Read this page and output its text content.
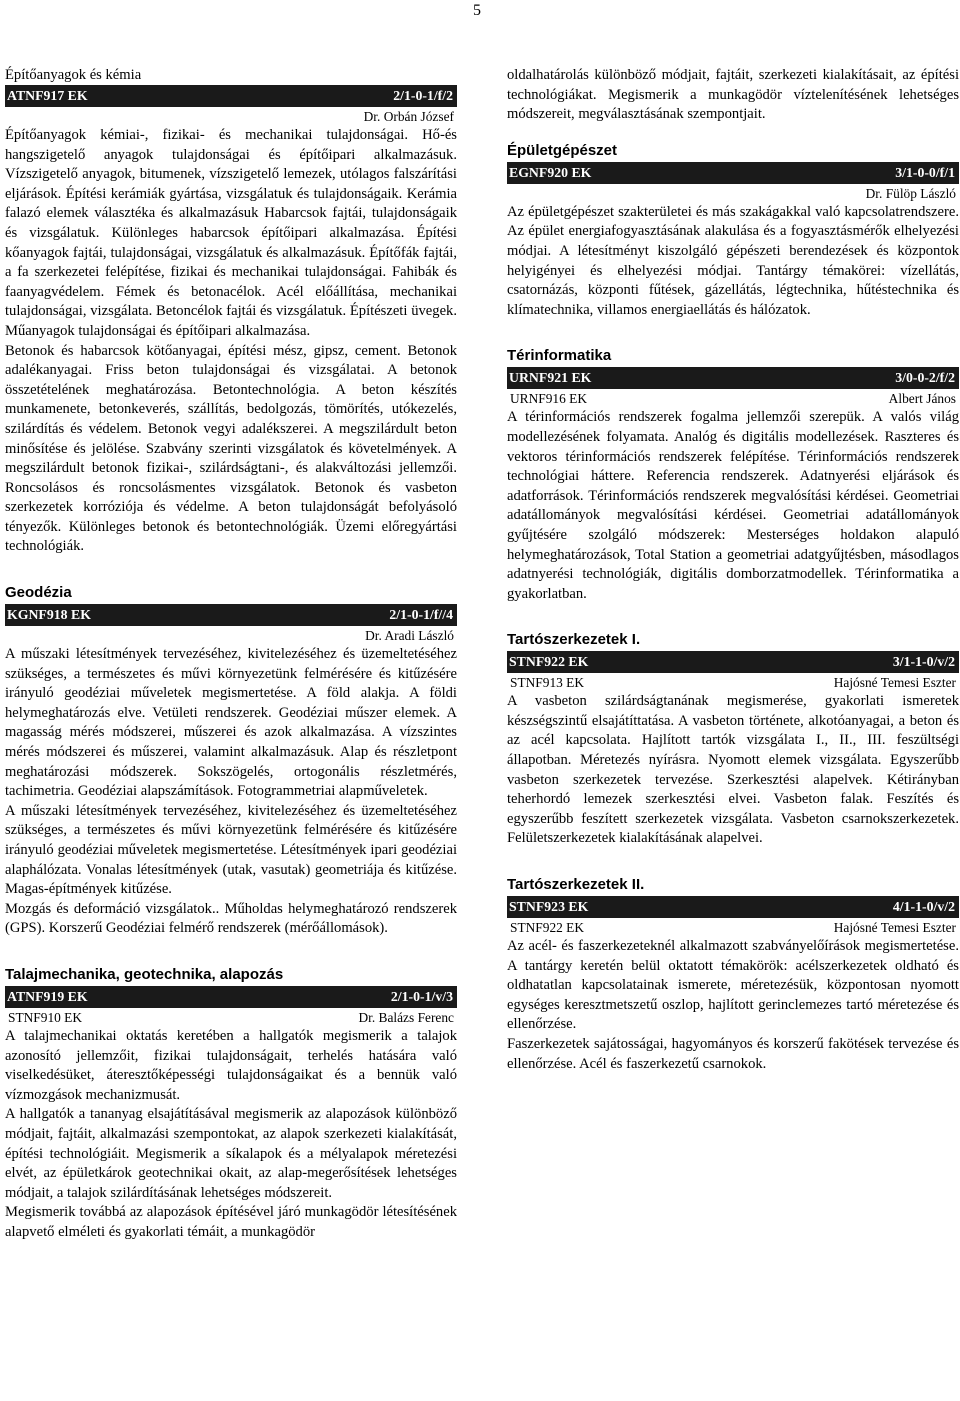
5

Építőanyagok és kémia

ATNF917 EK	2/1-0-1/f/2
Dr. Orbán József

Építőanyagok kémiai-, fizikai- és mechanikai tulajdonságai. Hő-és hangszigetelő anyagok tulajdonságai és építőipari alkalmazásuk. Vízszigetelő anyagok, bitumenek, vízszigetelő lemezek, utólagos falszárítási eljárások. Építési kerámiák gyártása, vizsgálatuk és tulajdonságaik. Kerámia falazó elemek választéka és alkalmazásuk Habarcsok fajtái, tulajdonságaik és vizsgálatuk. Különleges habarcsok építőipari alkalmazása. Építési kőanyagok fajtái, tulajdonságai, vizsgálatuk és alkalmazásuk. Építőfák fajtái, a fa szerkezetei felépítése, fizikai és mechanikai tulajdonságai. Fahibák és faanyagvédelem. Fémek és betonacélok. Acél előállítása, mechanikai tulajdonságai, vizsgálata. Betoncélok fajtái és vizsgálatuk. Építészeti üvegek. Műanyagok tulajdonságai és építőipari alkalmazása.

Betonok és habarcsok kötőanyagai, építési mész, gipsz, cement. Betonok adalékanyagai. Friss beton tulajdonságai és vizsgálatai. A betonok összetételének meghatározása. Betontechnológia. A beton készítés munkamenete, betonkeverés, szállítás, bedolgozás, tömörítés, utókezelés, szilárdítás és védelem. Betonok vegyi adalékszerei. A megszilárdult beton minősítése és jelölése. Szabvány szerinti vizsgálatok és követelmények. A megszilárdult betonok fizikai-, szilárdságtani-, és alakváltozási jellemzői. Roncsolásos és roncsolásmentes vizsgálatok. Betonok és vasbeton szerkezetek korróziója és védelme. A beton tulajdonságát befolyásoló tényezők. Különleges betonok és betontechnológiák. Üzemi előregyártási technológiák.

Geodézia

KGNF918 EK	2/1-0-1/f//4
Dr. Aradi László

A műszaki létesítmények tervezéséhez, kivitelezéséhez és üzemeltetéséhez szükséges, a természetes és művi környezetünk felmérésére és kitűzésére irányuló geodéziai műveletek megismertetése. A föld alakja. A földi helymeghatározás elve. Vetületi rendszerek. Geodéziai műszer elemek. A magasság mérés módszerei, műszerei és azok alkalmazása. A vízszintes mérés módszerei és műszerei, valamint alkalmazásuk. Alap és részletpont meghatározási módszerek. Sokszögelés, ortogonális részletmérés, tachimetria. Geodéziai alapszámítások. Fotogrammetriai alapműveletek.

A műszaki létesítmények tervezéséhez, kivitelezéséhez és üzemeltetéséhez szükséges, a természetes és művi környezetünk felmérésére és kitűzésére irányuló geodéziai műveletek megismertetése. Létesítmények ipari geodéziai alaphálózata. Vonalas létesítmények (utak, vasutak) geometriája és kitűzése. Magas-építmények kitűzése.

Mozgás és deformáció vizsgálatok.. Műholdas helymeghatározó rendszerek (GPS). Korszerű Geodéziai felmérő rendszerek (mérőállomások).

Talajmechanika, geotechnika, alapozás

ATNF919 EK	2/1-0-1/v/3
STNF910 EK	Dr. Balázs Ferenc

A talajmechanikai oktatás keretében a hallgatók megismerik a talajok azonosító jellemzőit, fizikai tulajdonságait, terhelés hatására való viselkedésüket, áteresztőképességi tulajdonságaikat és a bennük való vízmozgások mechanizmusát.

A hallgatók a tananyag elsajátításával megismerik az alapozások különböző módjait, fajtáit, alkalmazási szempontokat, az alapok szerkezeti kialakítását, építési technológiáit. Megismerik a síkalapok és a mélyalapok méretezési elvét, az épületkárok geotechnikai okait, az alap-megerősítések lehetséges módjait, a talajok szilárdításának lehetséges módszereit.

Megismerik továbbá az alapozások építésével járó munkagödör létesítésének alapvető elméleti és gyakorlati témáit, a munkagödör

oldalhatárolás különböző módjait, fajtáit, szerkezeti kialakításait, az építési technológiákat. Megismerik a munkagödör víztelenítésének lehetséges módszereit, megválasztásának szempontjait.

Épületgépészet

EGNF920 EK	3/1-0-0/f/1
Dr. Fülöp László

Az épületgépészet szakterületei és más szakágakkal való kapcsolatrendszere. Az épület energiafogyasztásának alakulása és a fogyasztásmérők elhelyezési módjai. A létesítményt kiszolgáló gépészeti berendezések és központok helyigényei és elhelyezési módjai. Tantárgy témakörei: vízellátás, csatornázás, központi fűtések, gázellátás, légtechnika, hűtéstechnika és klímatechnika, villamos energiaellátás és hálózatok.

Térinformatika

URNF921 EK	3/0-0-2/f/2
URNF916 EK	Albert János

A térinformációs rendszerek fogalma jellemzői szerepük. A valós világ modellezésének folyamata. Analóg és digitális modellezések. Raszteres és vektoros térinformációs rendszerek felépítése. Térinformációs rendszerek technológiai háttere. Referencia rendszerek. Adatnyerési eljárások és adatforrások. Térinformációs rendszerek megvalósítási kérdései. Geometriai adatállományok megvalósítási kérdései. Geometriai adatállományok gyűjtésére szolgáló módszerek: Mesterséges holdakon alapuló helymeghatározások, Total Station a geometriai adatgyűjtésben, másodlagos adatnyerési technológiák, digitális domborzatmodellek. Térinformatika a gyakorlatban.

Tartószerkezetek I.

STNF922 EK	3/1-1-0/v/2
STNF913 EK	Hajósné Temesi Eszter

A vasbeton szilárdságtanának megismerése, gyakorlati ismeretek készségszintű elsajátíttatása. A vasbeton története, alkotóanyagai, a beton és az acél kapcsolata. Hajlított tartók vizsgálata I., II., III. feszültségi állapotban. Méretezés nyírásra. Nyomott elemek vizsgálata. Egyszerűbb vasbeton szerkezetek tervezése. Szerkesztési alapelvek. Kétirányban teherhordó lemezek szerkesztési elvei. Vasbeton falak. Feszítés és egyszerűbb feszített szerkezetek vizsgálata. Vasbeton csarnokszerkezetek. Felületszerkezetek kialakításának alapelvei.

Tartószerkezetek II.

STNF923 EK	4/1-1-0/v/2
STNF922 EK	Hajósné Temesi Eszter

Az acél- és faszerkezeteknél alkalmazott szabványelőírások megismertetése. A tantárgy keretén belül oktatott témakörök: acélszerkezetek oldható és oldhatatlan kapcsolatainak ismerete, méretezésük, központosan nyomott egységes keresztmetszetű oszlop, hajlított gerinclemezes tartó méretezése és ellenőrzése.

Faszerkezetek sajátosságai, hagyományos és korszerű fakötések tervezése és ellenőrzése. Acél és faszerkezetű csarnokok.
